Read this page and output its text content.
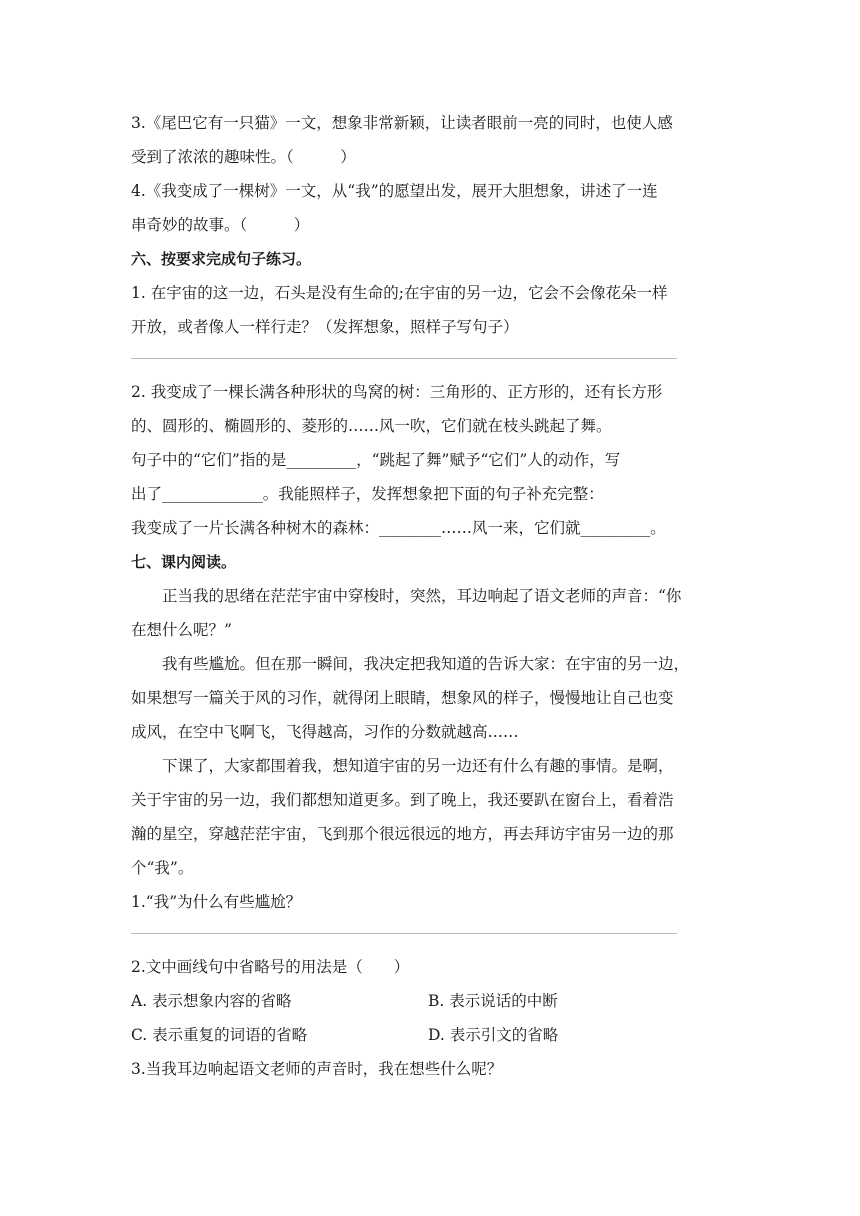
3.《尾巴它有一只猫》一文，想象非常新颖，让读者眼前一亮的同时，也使人感
受到了浓浓的趣味性。（　　　）
4.《我变成了一棵树》一文，从“我”的愿望出发，展开大胆想象，讲述了一连
串奇妙的故事。（　　　）
六、按要求完成句子练习。
1. 在宇宙的这一边，石头是没有生命的;在宇宙的另一边，它会不会像花朵一样
开放，或者像人一样行走？（发挥想象，照样子写句子）
2. 我变成了一棵长满各种形状的鸟窝的树：三角形的、正方形的，还有长方形
的、圆形的、椭圆形的、菱形的……风一吹，它们就在枝头跳起了舞。
句子中的“它们”指的是_________，“跳起了舞”赋予“它们”人的动作，写
出了_____________。我能照样子，发挥想象把下面的句子补充完整：
我变成了一片长满各种树木的森林：________……风一来，它们就_________。
七、课内阅读。
正当我的思绪在茫茫宇宙中穿梭时，突然，耳边响起了语文老师的声音：“你
在想什么呢？”
我有些尴尬。但在那一瞬间，我决定把我知道的告诉大家：在宇宙的另一边，
如果想写一篇关于风的习作，就得闭上眼睛，想象风的样子，慢慢地让自己也变
成风，在空中飞啊飞，飞得越高，习作的分数就越高……
下课了，大家都围着我，想知道宇宙的另一边还有什么有趣的事情。是啊，
关于宇宙的另一边，我们都想知道更多。到了晚上，我还要趴在窗台上，看着浩
瀚的星空，穿越茫茫宇宙，飞到那个很远很远的地方，再去拜访宇宙另一边的那
个“我”。
1.“我”为什么有些尴尬？
2.文中画线句中省略号的用法是（　　）
A. 表示想象内容的省略	B. 表示说话的中断
C. 表示重复的词语的省略	D. 表示引文的省略
3.当我耳边响起语文老师的声音时，我在想些什么呢？
